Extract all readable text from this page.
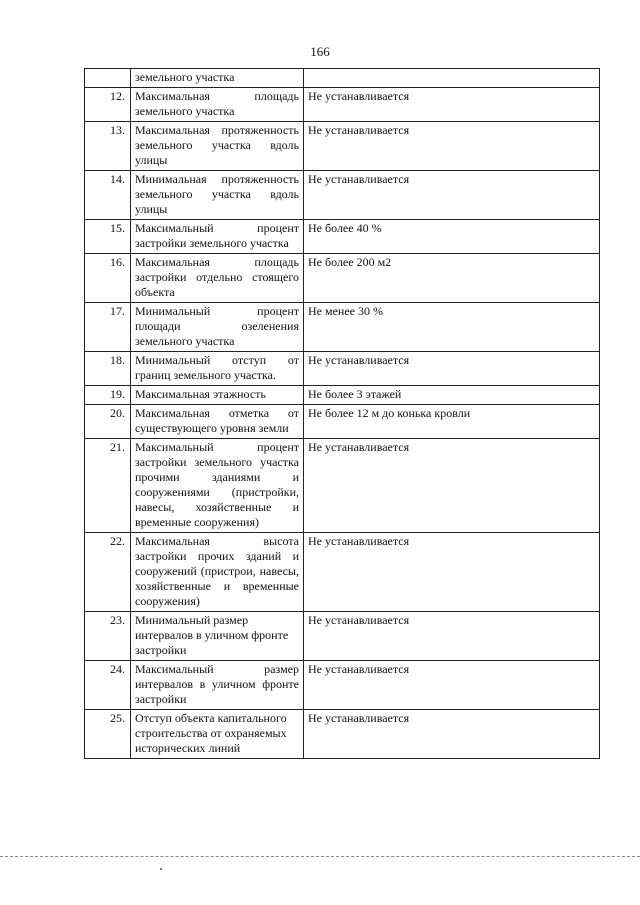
166
	земельного участка	
12.	Максимальная площадь земельного участка	Не устанавливается
13.	Максимальная протяженность земельного участка вдоль улицы	Не устанавливается
14.	Минимальная протяженность земельного участка вдоль улицы	Не устанавливается
15.	Максимальный процент застройки земельного участка	Не более 40 %
16.	Максимальная площадь застройки отдельно стоящего объекта	Не более 200 м2
17.	Минимальный процент площади озеленения земельного участка	Не менее 30 %
18.	Минимальный отступ от границ земельного участка.	Не устанавливается
19.	Максимальная этажность	Не более 3 этажей
20.	Максимальная отметка от существующего уровня земли	Не более 12 м до конька кровли
21.	Максимальный процент застройки земельного участка прочими зданиями и сооружениями (пристройки, навесы, хозяйственные и временные сооружения)	Не устанавливается
22.	Максимальная высота застройки прочих зданий и сооружений (пристрои, навесы, хозяйственные и временные сооружения)	Не устанавливается
23.	Минимальный размер интервалов в уличном фронте застройки	Не устанавливается
24.	Максимальный размер интервалов в уличном фронте застройки	Не устанавливается
25.	Отступ объекта капитального строительства от охраняемых исторических линий	Не устанавливается
